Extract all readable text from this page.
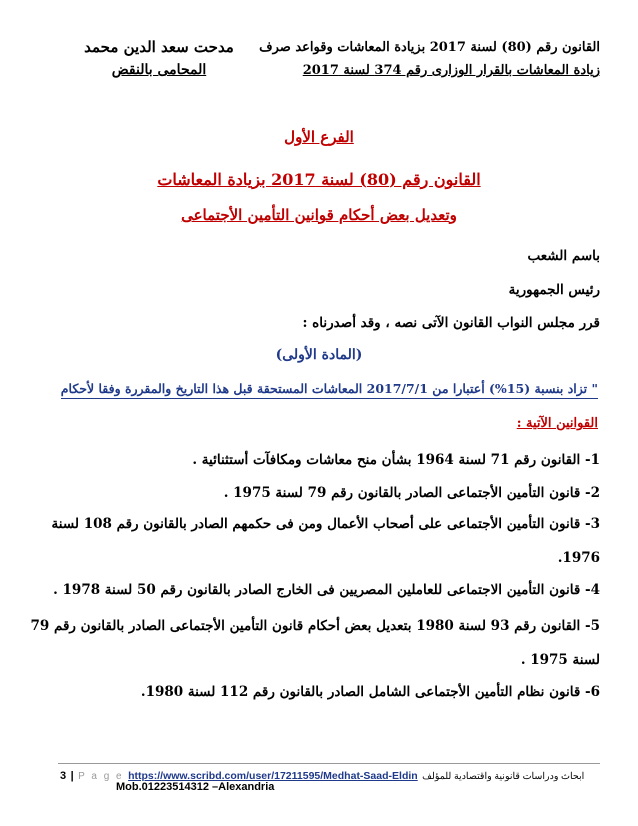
القانون رقم (80) لسنة 2017 بزيادة المعاشات وقواعد صرف
زيادة المعاشات بالقرار الوزارى رقم 374 لسنة 2017
مدحت سعد الدين محمد
المحامى بالنقض
الفرع الأول
القانون رقم (80) لسنة 2017 بزيادة المعاشات
وتعديل بعض أحكام قوانين التأمين الأجتماعى
باسم الشعب
رئيس الجمهورية
قرر مجلس النواب القانون الآتى نصه ، وقد أصدرناه :
(المادة الأولى)
" تزاد بنسبة (15%) أعتبارا من 2017/7/1 المعاشات المستحقة قبل هذا التاريخ والمقررة وفقا لأحكام
القوانين الآتية :
1- القانون رقم 71 لسنة 1964 بشأن منح معاشات ومكافآت أستثنائية .
2- قانون التأمين الأجتماعى الصادر بالقانون رقم 79 لسنة 1975 .
3- قانون التأمين الأجتماعى على أصحاب الأعمال ومن فى حكمهم الصادر بالقانون رقم 108 لسنة
1976.
4- قانون التأمين الاجتماعى للعاملين المصريين فى الخارج الصادر بالقانون رقم 50 لسنة 1978 .
5- القانون رقم 93 لسنة 1980 بتعديل بعض أحكام قانون التأمين الأجتماعى الصادر بالقانون رقم 79
لسنة 1975 .
6- قانون نظام التأمين الأجتماعى الشامل الصادر بالقانون رقم 112 لسنة 1980.
3 | P a g e https://www.scribd.com/user/17211595/Medhat-Saad-Eldin ابحاث ودراسات قانونية واقتصادية للمؤلف
Mob.01223514312 –Alexandria
